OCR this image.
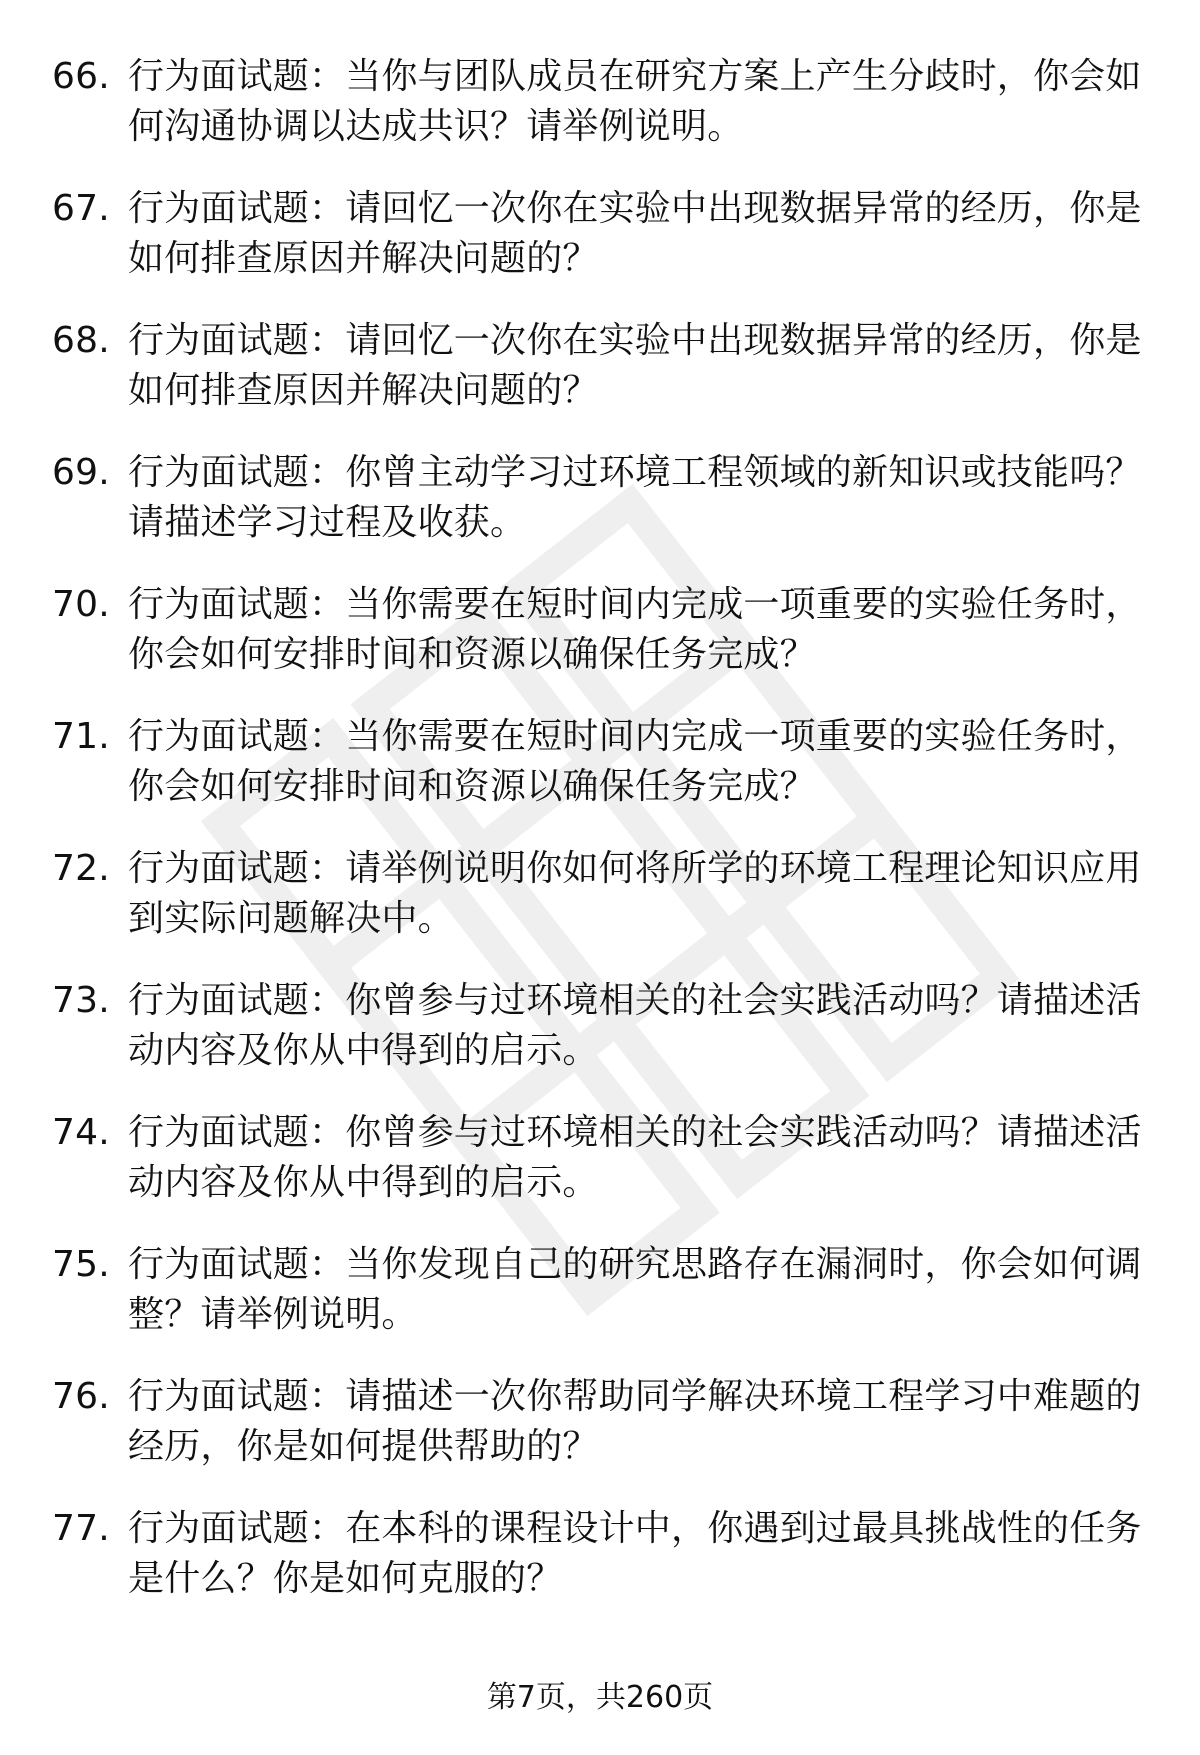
66. 行为面试题：当你与团队成员在研究方案上产生分歧时，你会如何沟通协调以达成共识？请举例说明。
67. 行为面试题：请回忆一次你在实验中出现数据异常的经历，你是如何排查原因并解决问题的？
68. 行为面试题：请回忆一次你在实验中出现数据异常的经历，你是如何排查原因并解决问题的？
69. 行为面试题：你曾主动学习过环境工程领域的新知识或技能吗？请描述学习过程及收获。
70. 行为面试题：当你需要在短时间内完成一项重要的实验任务时，你会如何安排时间和资源以确保任务完成？
71. 行为面试题：当你需要在短时间内完成一项重要的实验任务时，你会如何安排时间和资源以确保任务完成？
72. 行为面试题：请举例说明你如何将所学的环境工程理论知识应用到实际问题解决中。
73. 行为面试题：你曾参与过环境相关的社会实践活动吗？请描述活动内容及你从中得到的启示。
74. 行为面试题：你曾参与过环境相关的社会实践活动吗？请描述活动内容及你从中得到的启示。
75. 行为面试题：当你发现自己的研究思路存在漏洞时，你会如何调整？请举例说明。
76. 行为面试题：请描述一次你帮助同学解决环境工程学习中难题的经历，你是如何提供帮助的？
77. 行为面试题：在本科的课程设计中，你遇到过最具挑战性的任务是什么？你是如何克服的？
第7页，共260页
